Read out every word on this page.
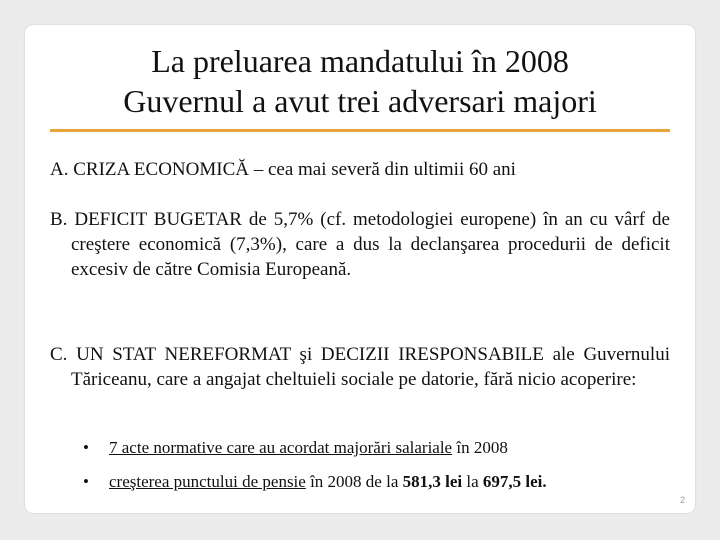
La preluarea mandatului în 2008
Guvernul a avut trei adversari majori

A. CRIZA ECONOMICĂ – cea mai severă din ultimii 60 ani

B. DEFICIT BUGETAR de 5,7% (cf. metodologiei europene) în an cu vârf de creştere economică (7,3%), care a dus la declanşarea procedurii de deficit excesiv de către Comisia Europeană.

C. UN STAT NEREFORMAT şi DECIZII IRESPONSABILE ale Guvernului Tăriceanu, care a angajat cheltuieli sociale pe datorie, fără nicio acoperire:

• 7 acte normative care au acordat majorări salariale în 2008
• creşterea punctului de pensie în 2008 de la 581,3 lei la 697,5 lei.
2
